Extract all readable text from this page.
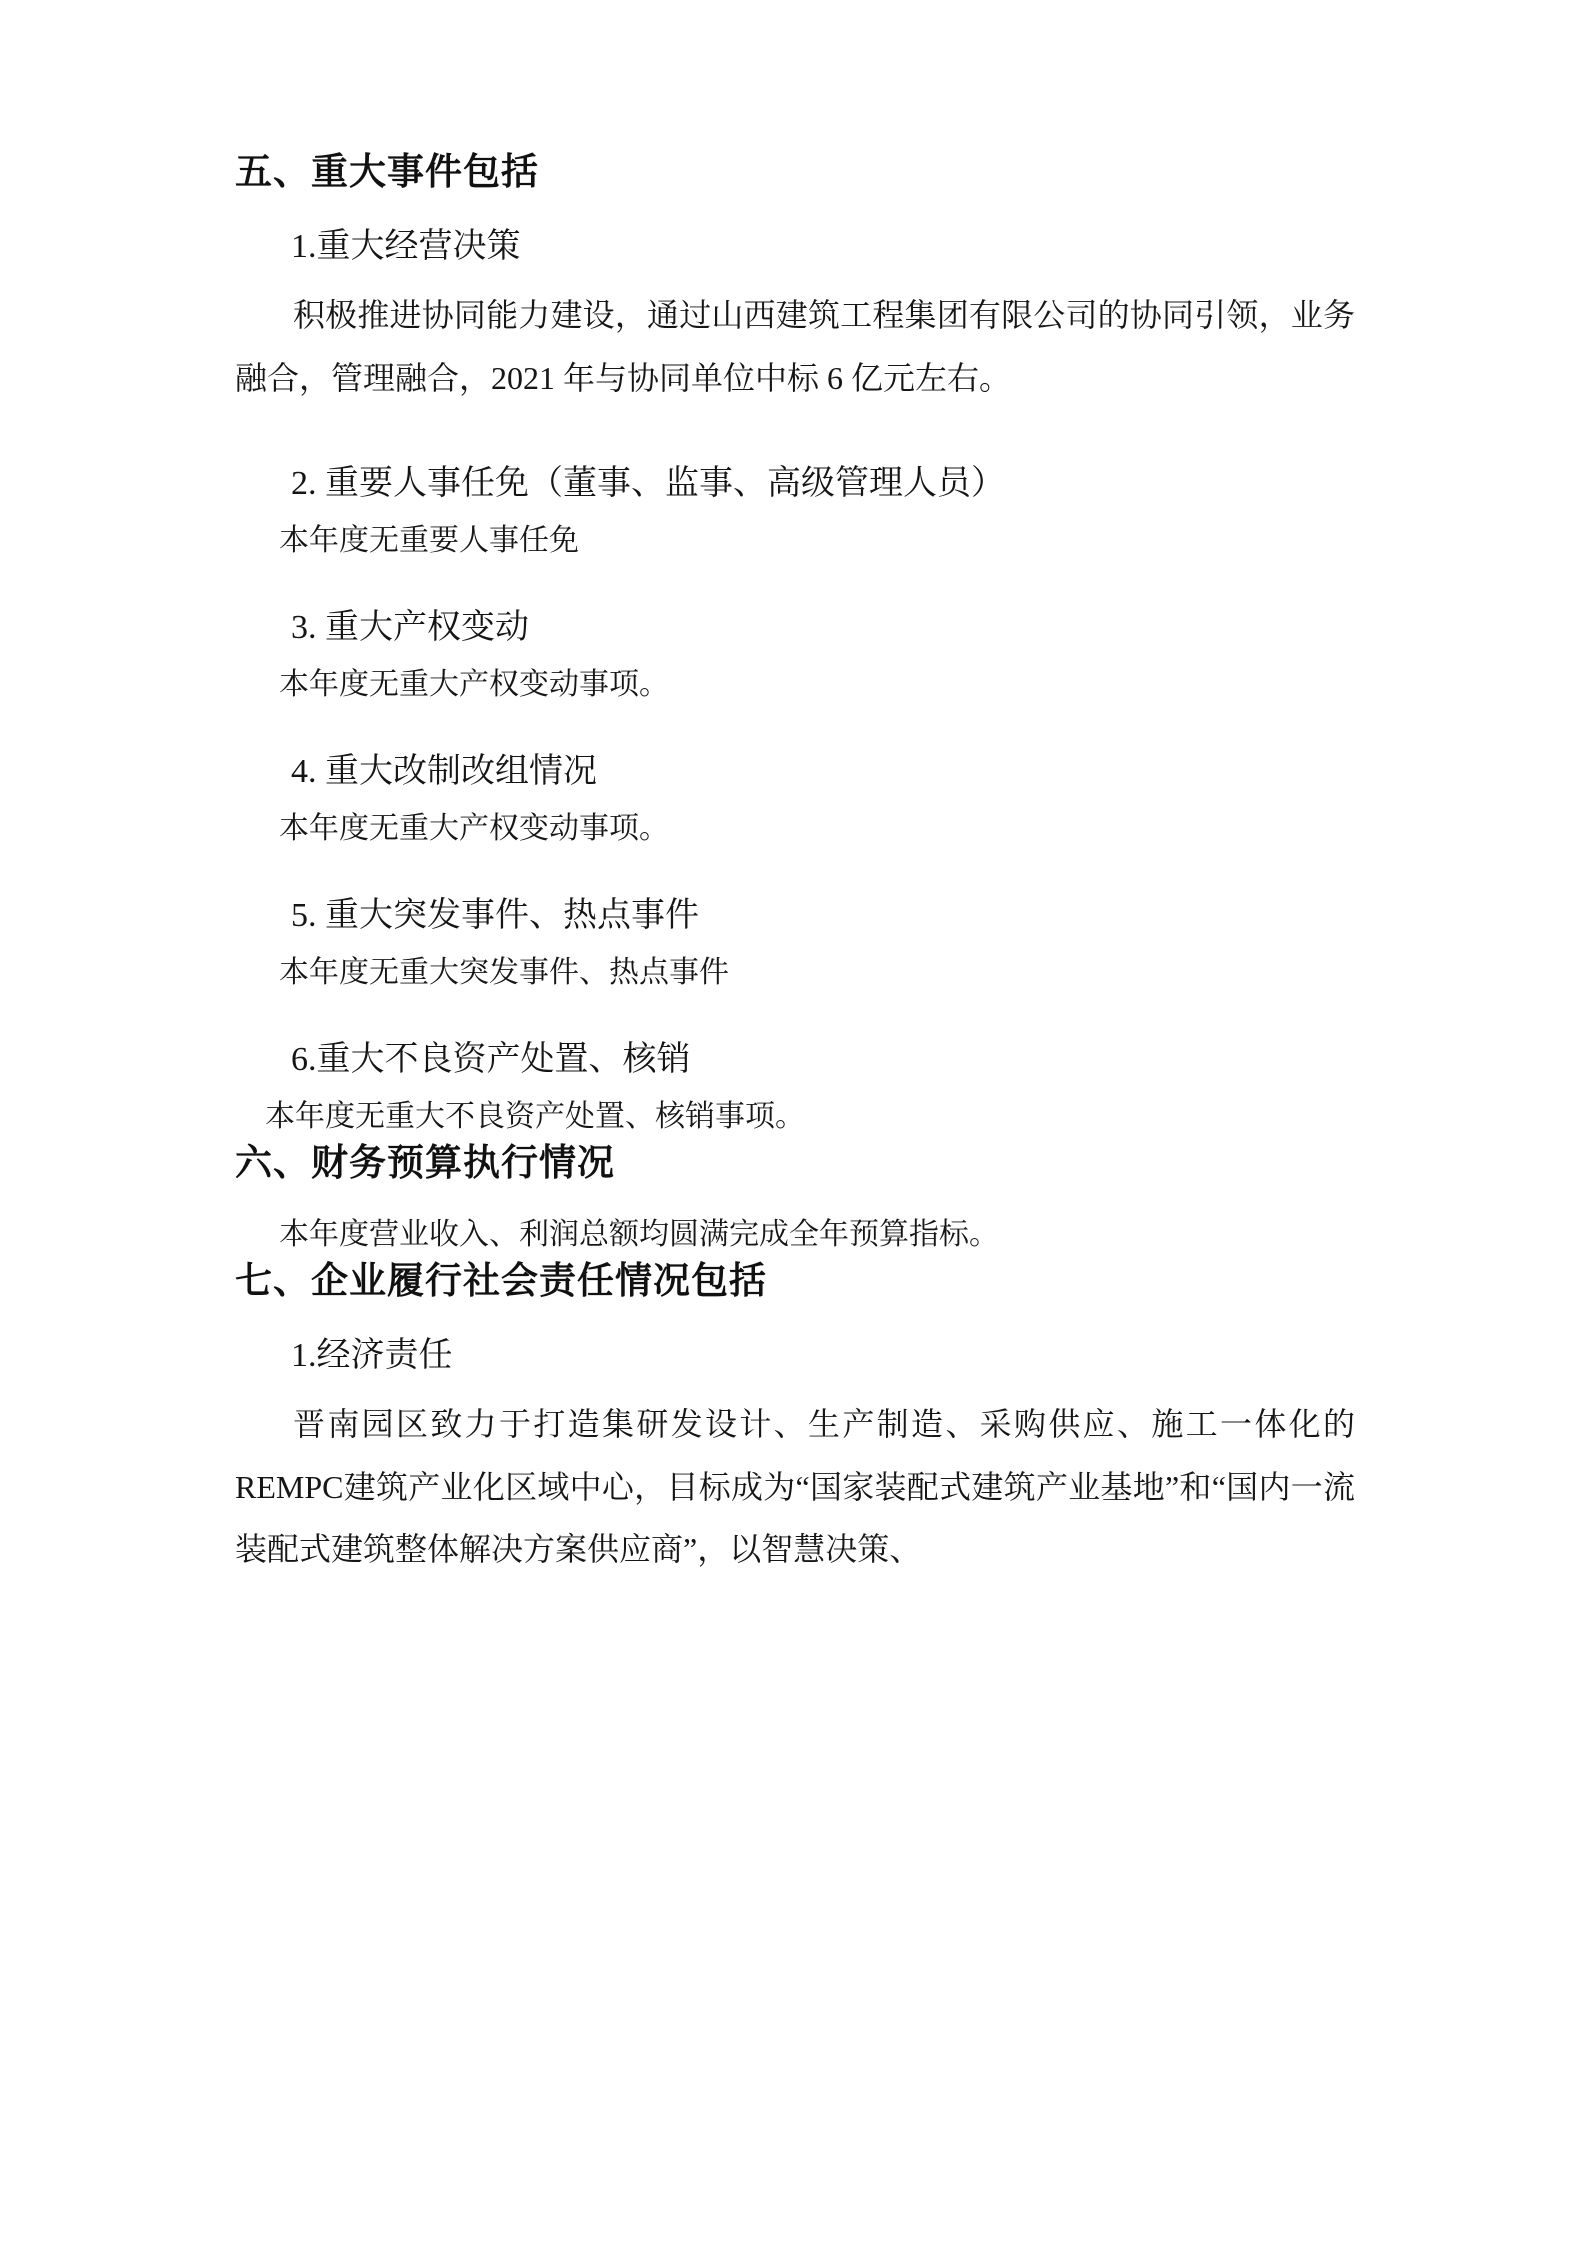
五、重大事件包括

1.重大经营决策

积极推进协同能力建设，通过山西建筑工程集团有限公司的协同引领，业务融合，管理融合，2021 年与协同单位中标 6 亿元左右。

2. 重要人事任免（董事、监事、高级管理人员）

本年度无重要人事任免

3. 重大产权变动

本年度无重大产权变动事项。

4. 重大改制改组情况

本年度无重大产权变动事项。

5. 重大突发事件、热点事件

本年度无重大突发事件、热点事件

6.重大不良资产处置、核销

本年度无重大不良资产处置、核销事项。

六、财务预算执行情况

本年度营业收入、利润总额均圆满完成全年预算指标。

七、企业履行社会责任情况包括

1.经济责任

晋南园区致力于打造集研发设计、生产制造、采购供应、施工一体化的REMPC建筑产业化区域中心，目标成为“国家装配式建筑产业基地”和“国内一流装配式建筑整体解决方案供应商”，以智慧决策、
